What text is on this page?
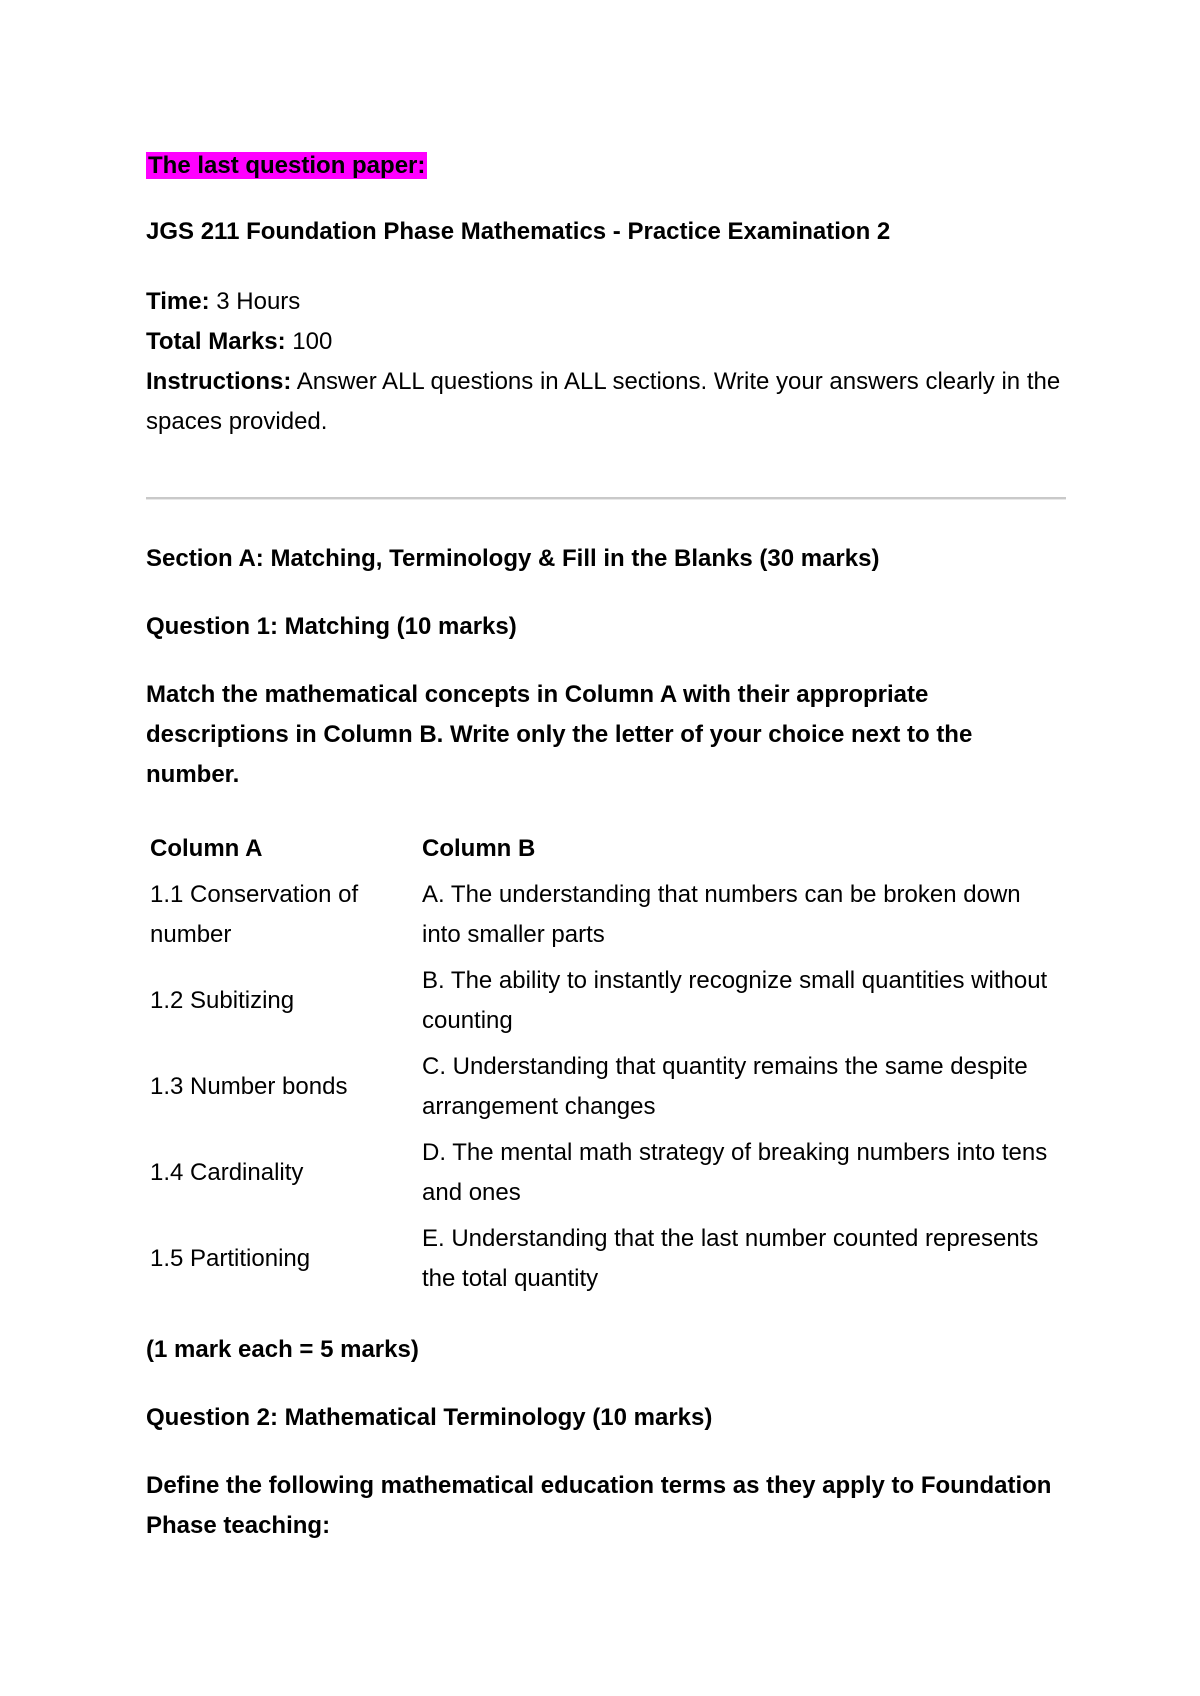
The last question paper:
JGS 211 Foundation Phase Mathematics - Practice Examination 2
Time: 3 Hours
Total Marks: 100
Instructions: Answer ALL questions in ALL sections. Write your answers clearly in the spaces provided.
Section A: Matching, Terminology & Fill in the Blanks (30 marks)
Question 1: Matching (10 marks)
Match the mathematical concepts in Column A with their appropriate descriptions in Column B. Write only the letter of your choice next to the number.
Column A	Column B
1.1 Conservation of number	A. The understanding that numbers can be broken down into smaller parts
1.2 Subitizing	B. The ability to instantly recognize small quantities without counting
1.3 Number bonds	C. Understanding that quantity remains the same despite arrangement changes
1.4 Cardinality	D. The mental math strategy of breaking numbers into tens and ones
1.5 Partitioning	E. Understanding that the last number counted represents the total quantity
(1 mark each = 5 marks)
Question 2: Mathematical Terminology (10 marks)
Define the following mathematical education terms as they apply to Foundation Phase teaching:
